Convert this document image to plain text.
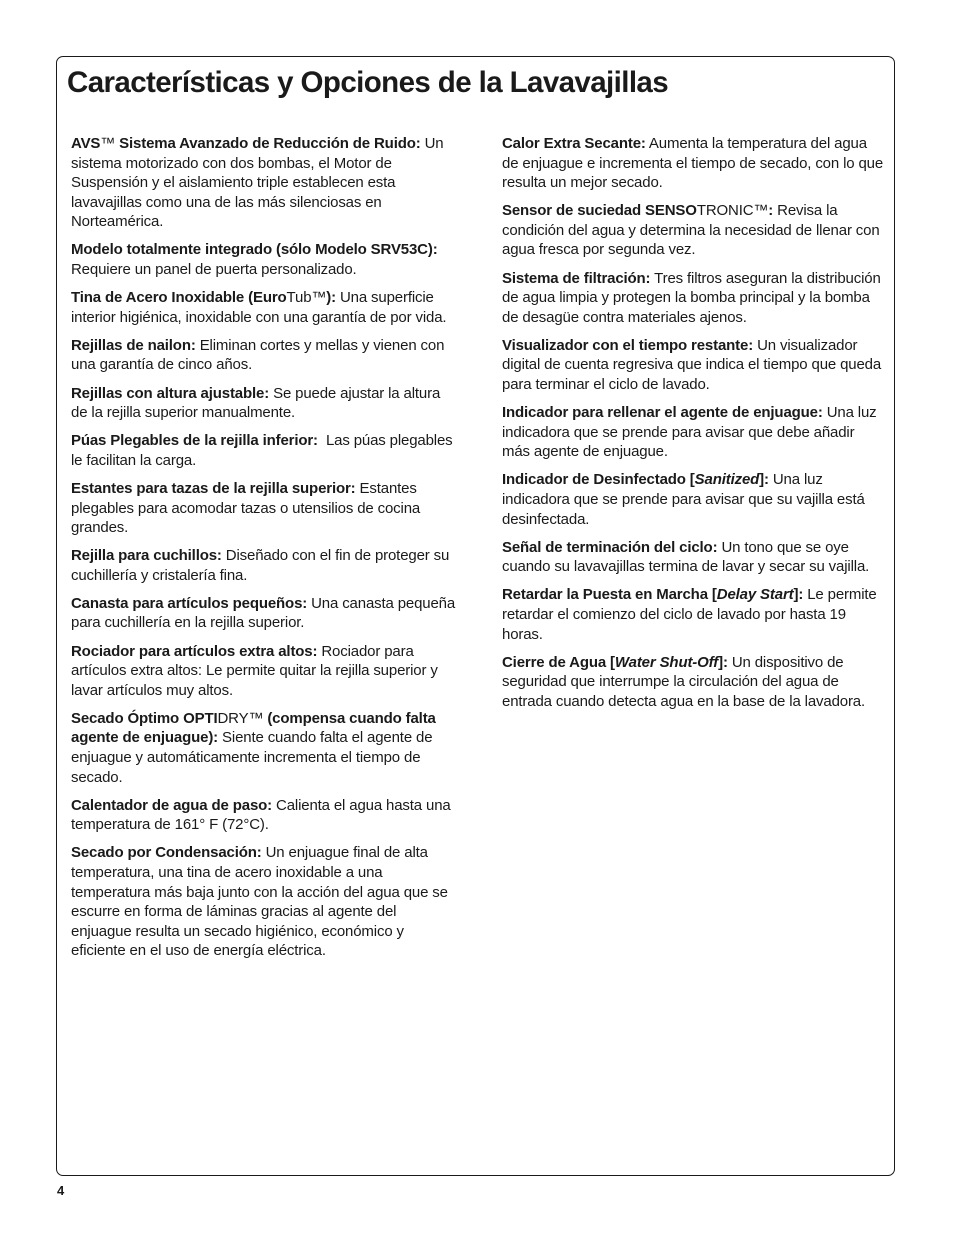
Características y Opciones de la Lavavajillas

AVS™ Sistema Avanzado de Reducción de Ruido: Un sistema motorizado con dos bombas, el Motor de Suspensión y el aislamiento triple establecen esta lavavajillas como una de las más silenciosas en Norteamérica.

Modelo totalmente integrado (sólo Modelo SRV53C): Requiere un panel de puerta personalizado.

Tina de Acero Inoxidable (EuroTub™): Una superficie interior higiénica, inoxidable con una garantía de por vida.

Rejillas de nailon: Eliminan cortes y mellas y vienen con una garantía de cinco años.

Rejillas con altura ajustable: Se puede ajustar la altura de la rejilla superior manualmente.

Púas Plegables de la rejilla inferior:  Las púas plegables le facilitan la carga.

Estantes para tazas de la rejilla superior: Estantes plegables para acomodar tazas o utensilios de cocina grandes.

Rejilla para cuchillos: Diseñado con el fin de proteger su cuchillería y cristalería fina.

Canasta para artículos pequeños: Una canasta pequeña para cuchillería en la rejilla superior.

Rociador para artículos extra altos: Rociador para artículos extra altos: Le permite quitar la rejilla superior y lavar artículos muy altos.

Secado Óptimo OPTIDRY™ (compensa cuando falta agente de enjuague): Siente cuando falta el agente de enjuague y automáticamente incrementa el tiempo de secado.

Calentador de agua de paso: Calienta el agua hasta una temperatura de 161° F (72°C).

Secado por Condensación: Un enjuague final de alta temperatura, una tina de acero inoxidable a una temperatura más baja junto con la acción del agua que se escurre en forma de láminas gracias al agente del enjuague resulta un secado higiénico, económico y eficiente en el uso de energía eléctrica.

Calor Extra Secante: Aumenta la temperatura del agua de enjuague e incrementa el tiempo de secado, con lo que resulta un mejor secado.

Sensor de suciedad SENSOTRONIC™: Revisa la condición del agua y determina la necesidad de llenar con agua fresca por segunda vez.

Sistema de filtración: Tres filtros aseguran la distribución de agua limpia y protegen la bomba principal y la bomba de desagüe contra materiales ajenos.

Visualizador con el tiempo restante: Un visualizador digital de cuenta regresiva que indica el tiempo que queda para terminar el ciclo de lavado.

Indicador para rellenar el agente de enjuague: Una luz indicadora que se prende para avisar que debe añadir más agente de enjuague.

Indicador de Desinfectado [Sanitized]: Una luz indicadora que se prende para avisar que su vajilla está desinfectada.

Señal de terminación del ciclo: Un tono que se oye cuando su lavavajillas termina de lavar y secar su vajilla.

Retardar la Puesta en Marcha [Delay Start]: Le permite retardar el comienzo del ciclo de lavado por hasta 19 horas.

Cierre de Agua [Water Shut-Off]: Un dispositivo de seguridad que interrumpe la circulación del agua de entrada cuando detecta agua en la base de la lavadora.

4
